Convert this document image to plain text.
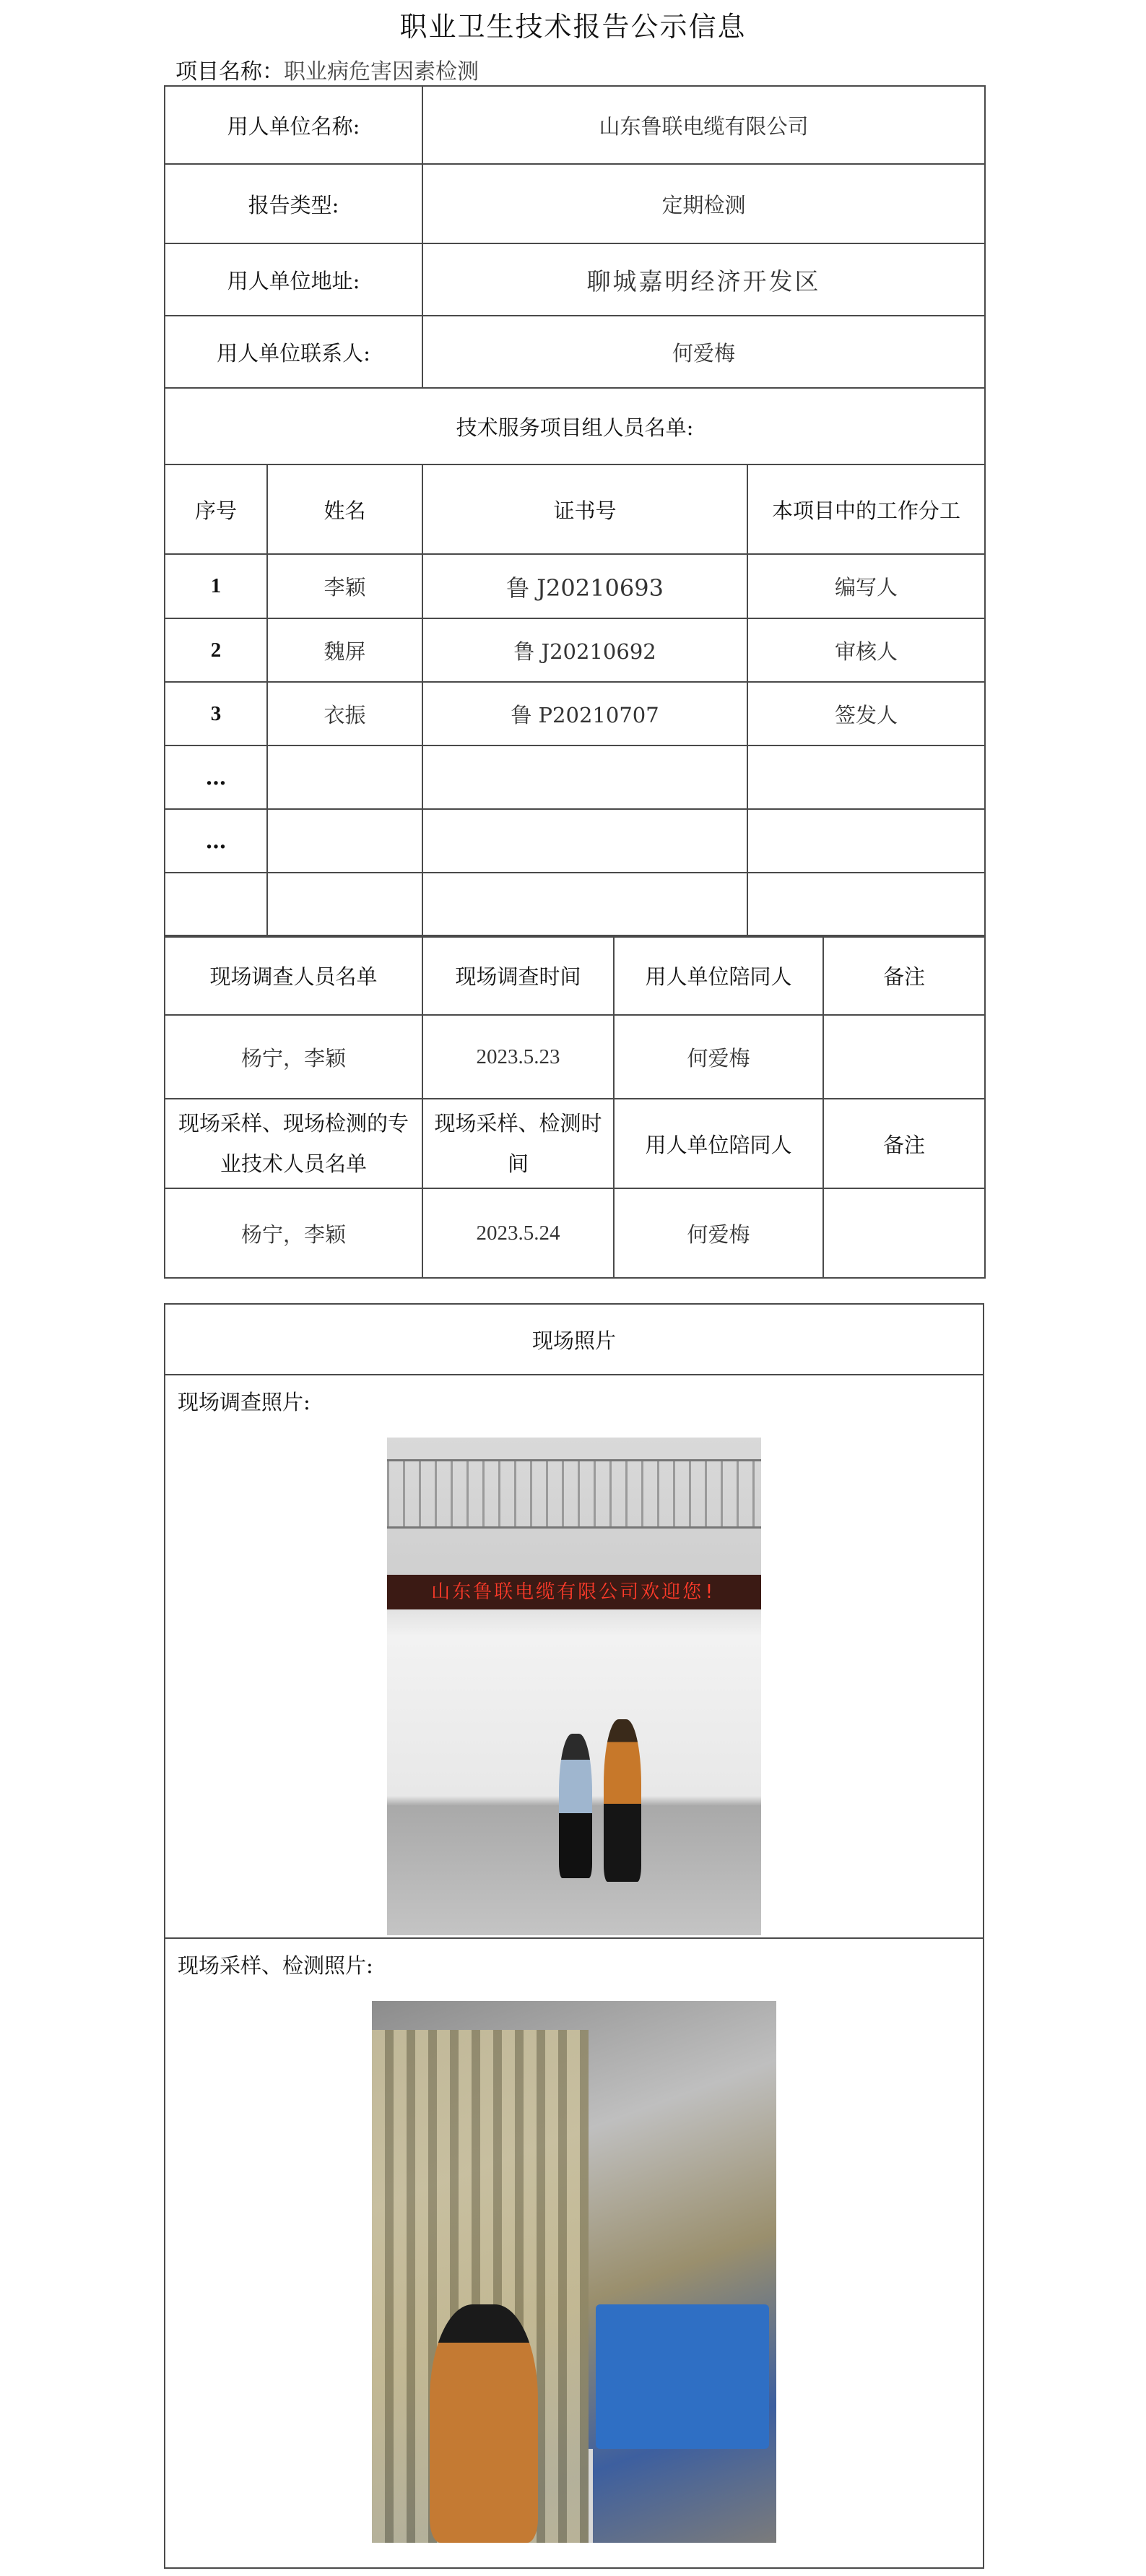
职业卫生技术报告公示信息
项目名称：职业病危害因素检测
用人单位名称:		山东鲁联电缆有限公司	
报告类型:		定期检测	
用人单位地址:		聊城嘉明经济开发区	
用人单位联系人:		何爱梅	
技术服务项目组人员名单:			
序号	姓名	证书号	本项目中的工作分工
1	李颖	鲁 J20210693	编写人
2	魏屏	鲁 J20210692	审核人
3	衣振	鲁 P20210707	签发人
…			
…			

现场调查人员名单	现场调查时间	用人单位陪同人	备注
杨宁，李颖	2023.5.23	何爱梅	
现场采样、现场检测的专业技术人员名单	现场采样、检测时间	用人单位陪同人	备注
杨宁，李颖	2023.5.24	何爱梅	
现场照片

现场调查照片:
山东鲁联电缆有限公司欢迎您!

现场采样、检测照片:
